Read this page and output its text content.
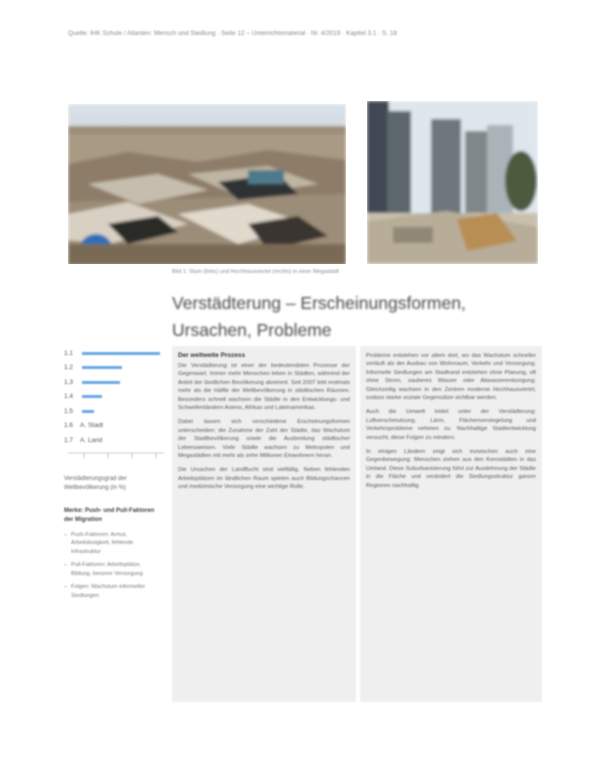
Quelle: IHK Schule / Atlanten: Mensch und Siedlung · Seite 12 – Unterrichtsmaterial · Nr. 4/2019 · Kapitel 3.1 · S. 18
Bild 1: Slum (links) und Hochhausviertel (rechts) in einer Megastadt
Verstädterung – Erscheinungsformen, Ursachen, Probleme
1.1
1.2
1.3
1.4
1.5
1.6	A. Stadt
1.7	A. Land
Verstädterungsgrad der Weltbevölkerung (in %)
Merke: Push- und Pull-Faktoren der Migration
– Push-Faktoren: Armut, Arbeitslosigkeit, fehlende Infrastruktur
– Pull-Faktoren: Arbeitsplätze, Bildung, bessere Versorgung
– Folgen: Wachstum informeller Siedlungen
Der weltweite Prozess

Die Verstädterung ist einer der bedeutendsten Prozesse der Gegenwart. Immer mehr Menschen leben in Städten, während der Anteil der ländlichen Bevölkerung abnimmt. Seit 2007 lebt erstmals mehr als die Hälfte der Weltbevölkerung in städtischen Räumen. Besonders schnell wachsen die Städte in den Entwicklungs- und Schwellenländern Asiens, Afrikas und Lateinamerikas.

Dabei lassen sich verschiedene Erscheinungsformen unterscheiden: die Zunahme der Zahl der Städte, das Wachstum der Stadtbevölkerung sowie die Ausbreitung städtischer Lebensweisen. Viele Städte wachsen zu Metropolen und Megastädten mit mehr als zehn Millionen Einwohnern heran.

Die Ursachen der Landflucht sind vielfältig. Neben fehlenden Arbeitsplätzen im ländlichen Raum spielen auch Bildungschancen und medizinische Versorgung eine wichtige Rolle.

Probleme entstehen vor allem dort, wo das Wachstum schneller verläuft als der Ausbau von Wohnraum, Verkehr und Versorgung. Informelle Siedlungen am Stadtrand entstehen ohne Planung, oft ohne Strom, sauberes Wasser oder Abwasserentsorgung. Gleichzeitig wachsen in den Zentren moderne Hochhausviertel, sodass starke soziale Gegensätze sichtbar werden.

Auch die Umwelt leidet unter der Verstädterung: Luftverschmutzung, Lärm, Flächenversiegelung und Verkehrsprobleme nehmen zu. Nachhaltige Stadtentwicklung versucht, diese Folgen zu mindern.

In einigen Ländern zeigt sich inzwischen auch eine Gegenbewegung: Menschen ziehen aus den Kernstädten in das Umland. Diese Suburbanisierung führt zur Ausdehnung der Städte in die Fläche und verändert die Siedlungsstruktur ganzer Regionen nachhaltig.
